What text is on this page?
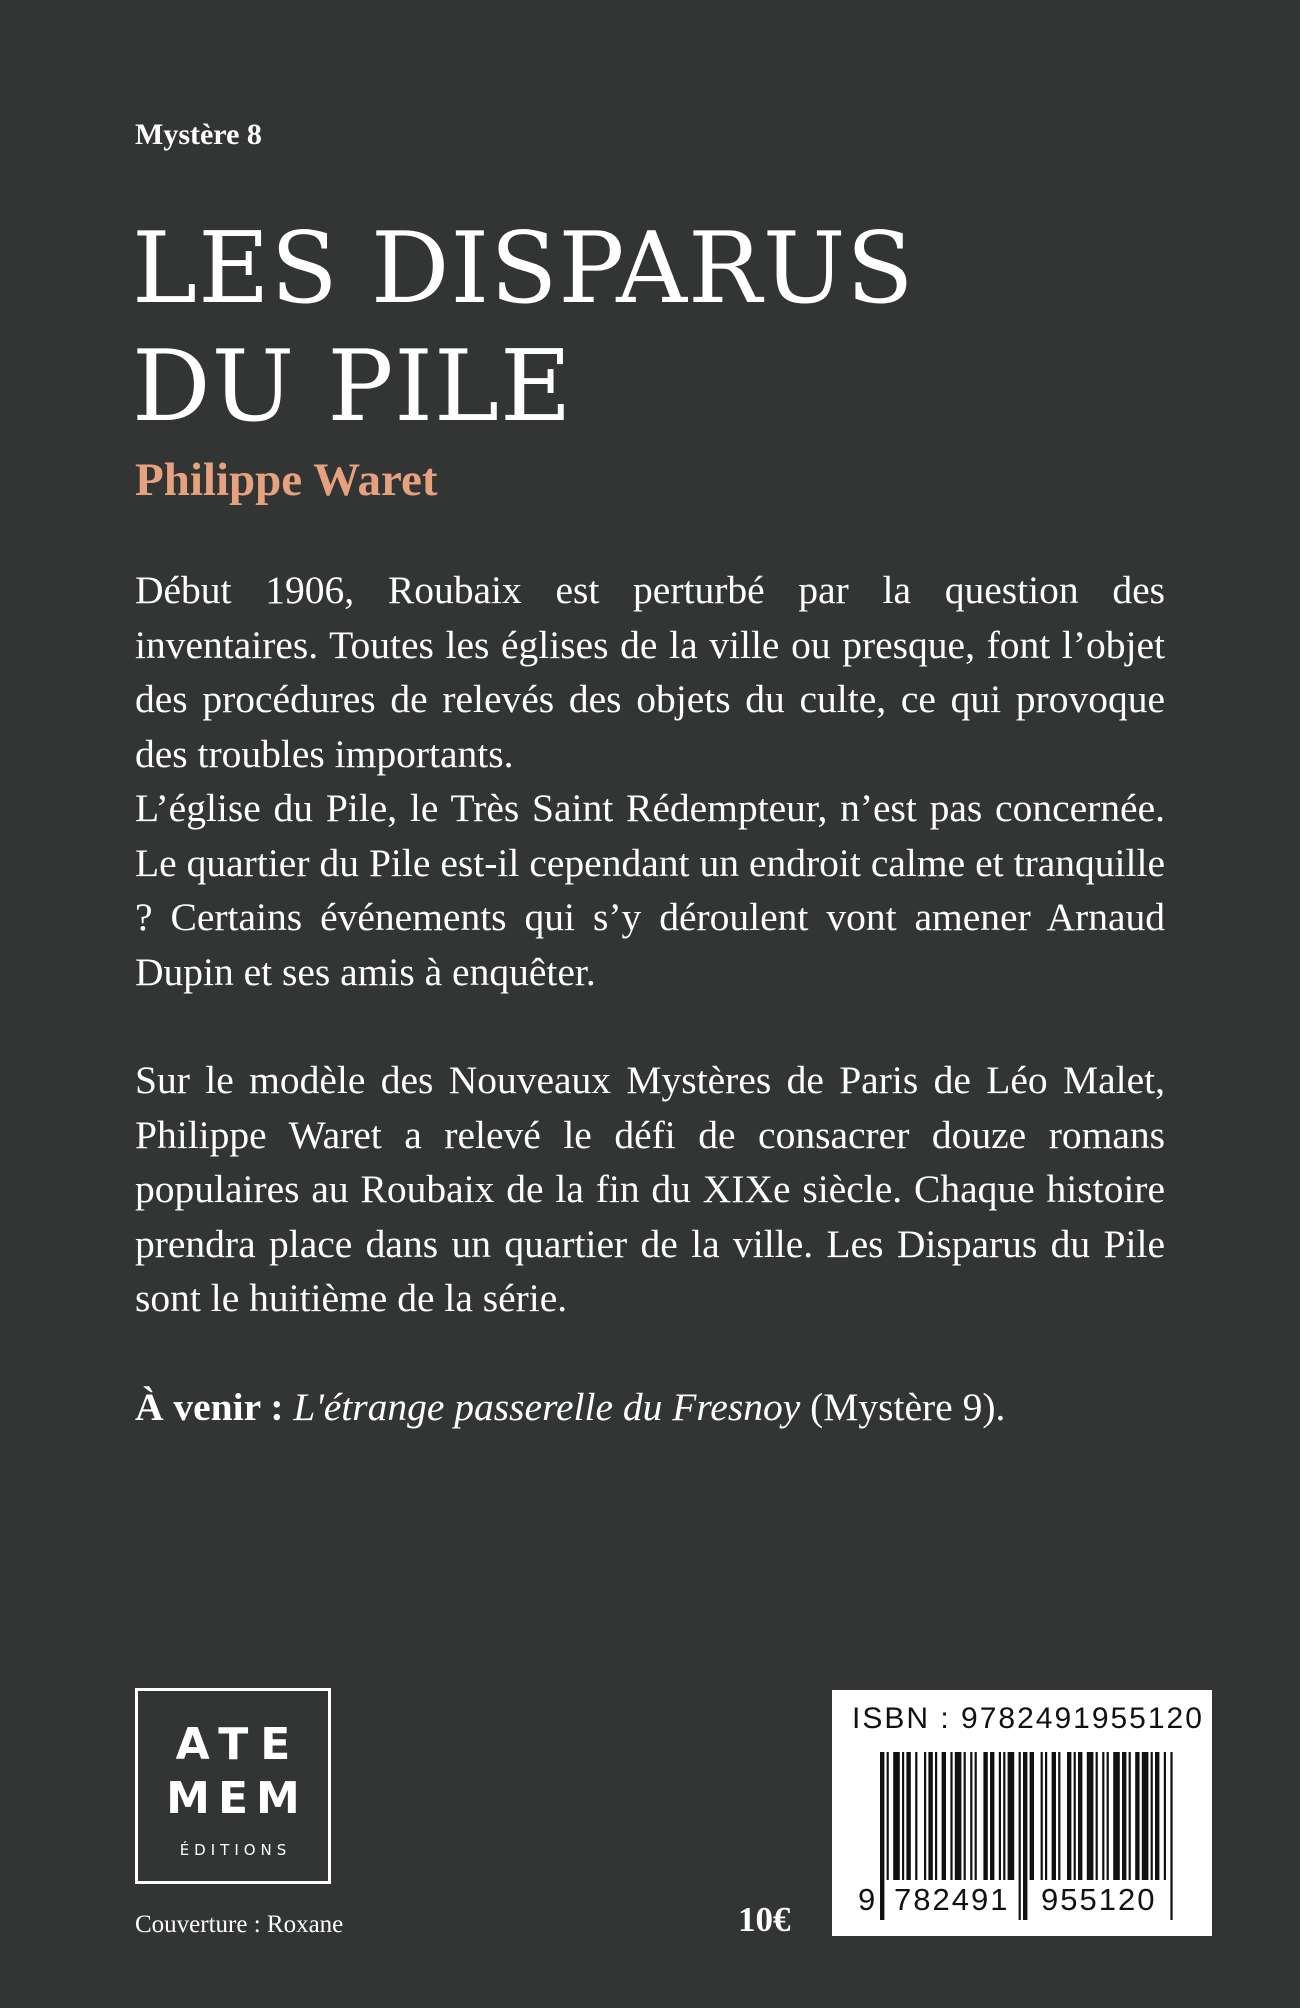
Mystère 8
LES DISPARUS
DU PILE
Philippe Waret

Début 1906, Roubaix est perturbé par la question des inventaires. Toutes les églises de la ville ou presque, font l’objet des procédures de relevés des objets du culte, ce qui provoque des troubles importants.

L’église du Pile, le Très Saint Rédempteur, n’est pas concernée. Le quartier du Pile est-il cependant un endroit calme et tranquille ? Certains événements qui s’y déroulent vont amener Arnaud Dupin et ses amis à enquêter.

Sur le modèle des Nouveaux Mystères de Paris de Léo Malet, Philippe Waret a relevé le défi de consacrer douze romans populaires au Roubaix de la fin du XIXe siècle. Chaque histoire prendra place dans un quartier de la ville. Les Disparus du Pile sont le huitième de la série.

À venir : L'étrange passerelle du Fresnoy (Mystère 9).

ATE
MEM
ÉDITIONS
Couverture : Roxane	10€
ISBN : 9782491955120
9 782491 955120
